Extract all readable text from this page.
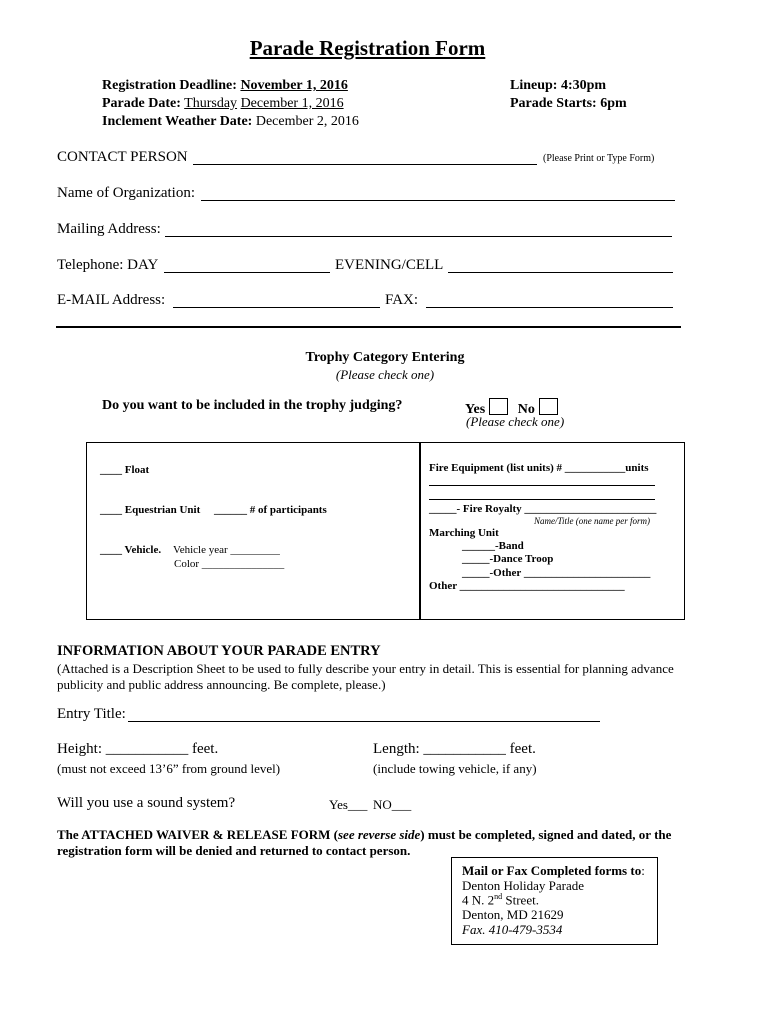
Parade Registration Form
Registration Deadline: November 1, 2016
Parade Date: Thursday December 1, 2016
Inclement Weather Date: December 2, 2016
Lineup: 4:30pm
Parade Starts: 6pm
CONTACT PERSON	(Please Print or Type Form)
Name of Organization:
Mailing Address:
Telephone: DAY	EVENING/CELL
E-MAIL Address:	FAX:
Trophy Category Entering
(Please check one)
Do you want to be included in the trophy judging?	Yes No
(Please check one)
____ Float
____ Equestrian Unit ______ # of participants
____ Vehicle. Vehicle year _________
Color _______________
Fire Equipment (list units) # ___________units
_____- Fire Royalty ________________________
Name/Title (one name per form)
Marching Unit
______-Band
_____-Dance Troop
_____-Other _______________________
Other ______________________________
INFORMATION ABOUT YOUR PARADE ENTRY
(Attached is a Description Sheet to be used to fully describe your entry in detail. This is essential for planning advance
publicity and public address announcing. Be complete, please.)
Entry Title:
Height: ___________ feet.
(must not exceed 13’6” from ground level)
Length: ___________ feet.
(include towing vehicle, if any)
Will you use a sound system?	Yes___ NO___
The ATTACHED WAIVER & RELEASE FORM (see reverse side) must be completed, signed and dated, or the
registration form will be denied and returned to contact person.
Mail or Fax Completed forms to:
Denton Holiday Parade
4 N. 2nd Street.
Denton, MD 21629
Fax. 410-479-3534
